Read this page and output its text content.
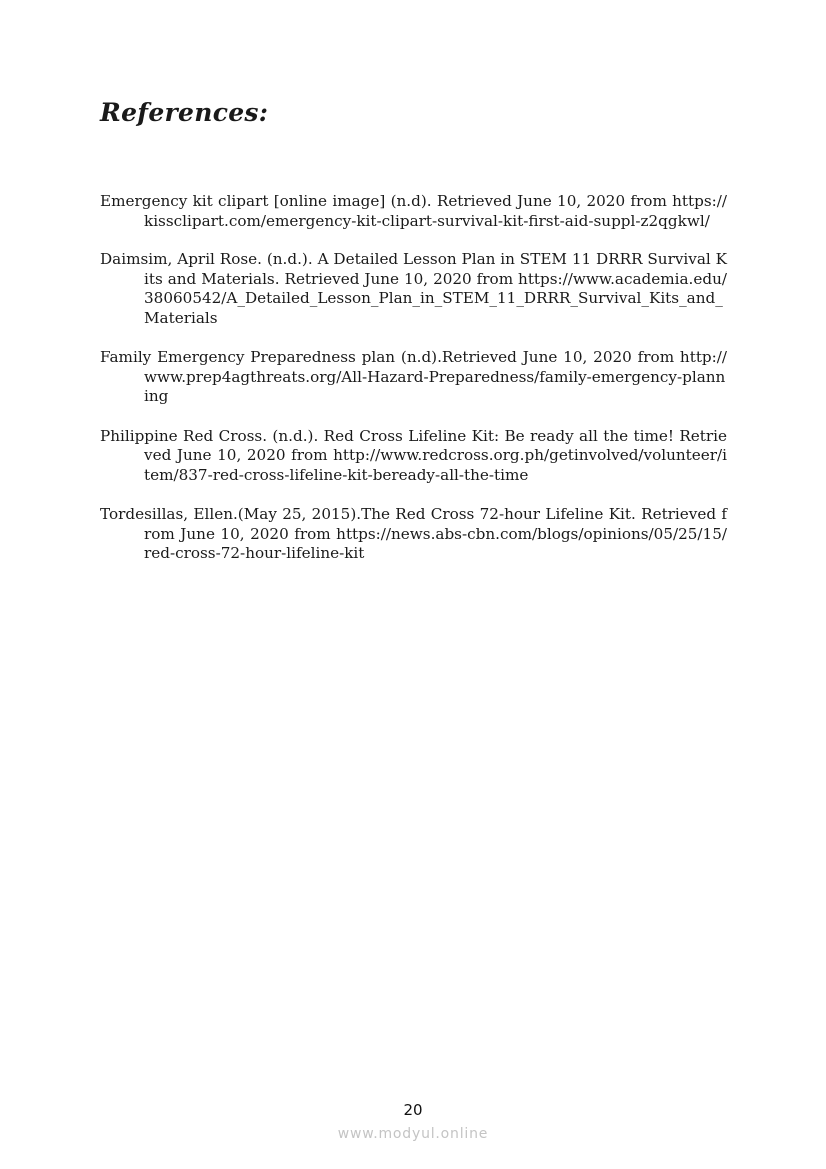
References:
Emergency kit clipart [online image] (n.d). Retrieved June 10, 2020 from https://kissclipart.com/emergency-kit-clipart-survival-kit-first-aid-suppl-z2qgkwl/
Daimsim, April Rose. (n.d.). A Detailed Lesson Plan in STEM 11 DRRR Survival Kits and Materials. Retrieved June 10, 2020 from https://www.academia.edu/38060542/A_Detailed_Lesson_Plan_in_STEM_11_DRRR_Survival_Kits_and_Materials
Family Emergency Preparedness plan (n.d).Retrieved June 10, 2020 from http://www.prep4agthreats.org/All-Hazard-Preparedness/family-emergency-planning
Philippine Red Cross. (n.d.). Red Cross Lifeline Kit: Be ready all the time! Retrieved June 10, 2020 from http://www.redcross.org.ph/getinvolved/volunteer/item/837-red-cross-lifeline-kit-beready-all-the-time
Tordesillas, Ellen.(May 25, 2015).The Red Cross 72-hour Lifeline Kit. Retrieved from June 10, 2020 from https://news.abs-cbn.com/blogs/opinions/05/25/15/red-cross-72-hour-lifeline-kit
20
www.modyul.online
